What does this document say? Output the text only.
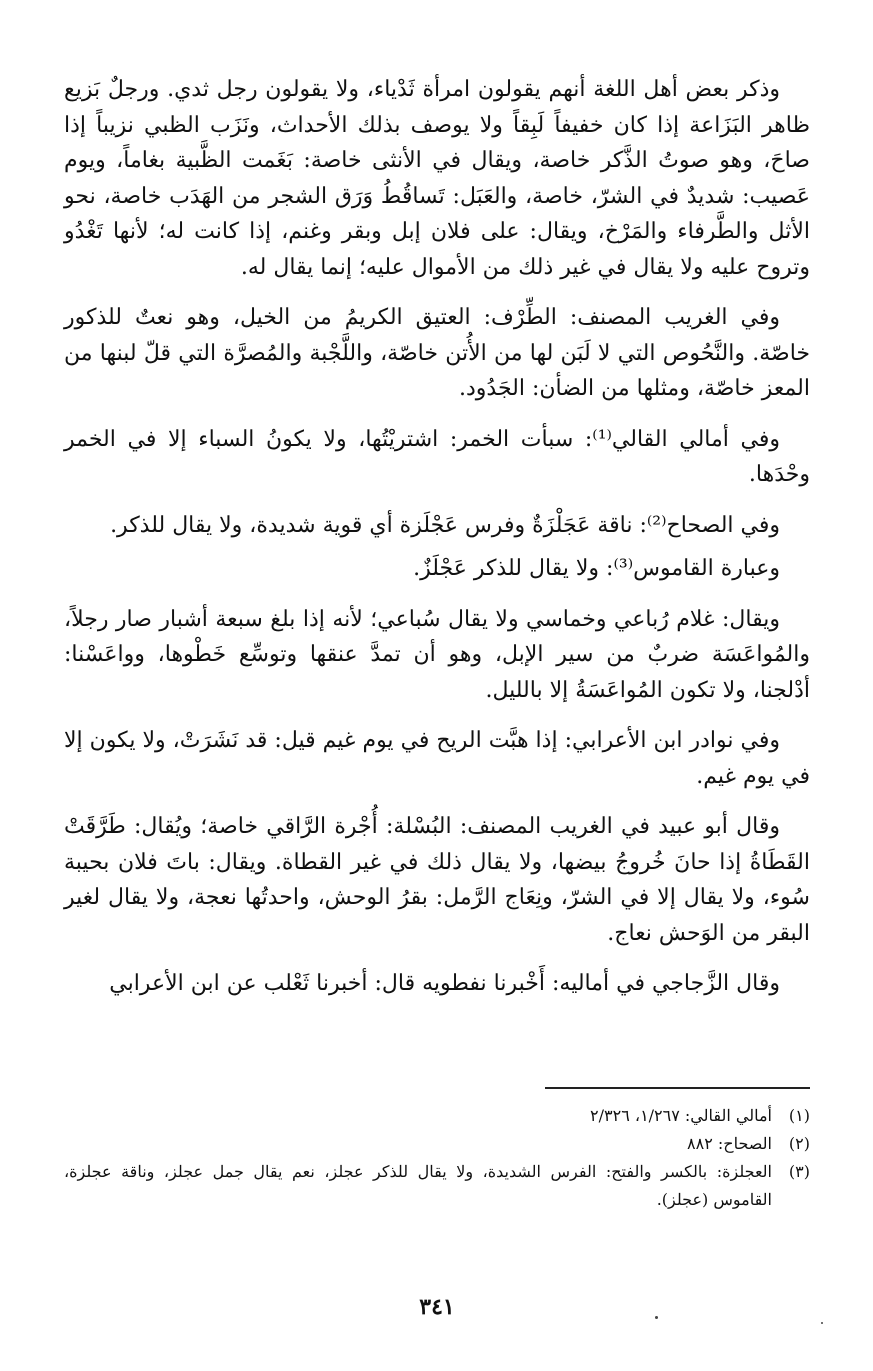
وذكر بعض أهل اللغة أنهم يقولون امرأة ثَدْياء، ولا يقولون رجل ثدي. ورجلٌ بَزيع ظاهر البَزَاعة إذا كان خفيفاً لَبِقاً ولا يوصف بذلك الأحداث، ونَزَب الظبي نزيباً إذا صاحَ، وهو صوتُ الذَّكر خاصة، ويقال في الأنثى خاصة: بَغَمت الظَّبية بغاماً، ويوم عَصيب: شديدٌ في الشرّ، خاصة، والعَبَل: تَساقُطُ وَرَق الشجر من الهَدَب خاصة، نحو الأثل والطَّرفاء والمَرْخ، ويقال: على فلان إبل وبقر وغنم، إذا كانت له؛ لأنها تَغْدُو وتروح عليه ولا يقال في غير ذلك من الأموال عليه؛ إنما يقال له.

وفي الغريب المصنف: الطِّرْف: العتيق الكريمُ من الخيل، وهو نعتٌ للذكور خاصّة. والنَّحُوص التي لا لَبَن لها من الأُتن خاصّة، واللَّجْبة والمُصرَّة التي قلّ لبنها من المعز خاصّة، ومثلها من الضأن: الجَدُود.

وفي أمالي القالي⁽¹⁾: سبأت الخمر: اشتريْتُها، ولا يكونُ السباء إلا في الخمر وحْدَها.

وفي الصحاح⁽²⁾: ناقة عَجَلْزَةٌ وفرس عَجْلَزة أي قوية شديدة، ولا يقال للذكر.

وعبارة القاموس⁽³⁾: ولا يقال للذكر عَجْلَزٌ.

ويقال: غلام رُباعي وخماسي ولا يقال سُباعي؛ لأنه إذا بلغ سبعة أشبار صار رجلاً، والمُواعَسَة ضربٌ من سير الإبل، وهو أن تمدَّ عنقها وتوسِّع خَطْوها، وواعَسْنا: أدْلجنا، ولا تكون المُواعَسَةُ إلا بالليل.

وفي نوادر ابن الأعرابي: إذا هبَّت الريح في يوم غيم قيل: قد نَشَرَتْ، ولا يكون إلا في يوم غيم.

وقال أبو عبيد في الغريب المصنف: البُسْلة: أُجْرة الرَّاقي خاصة؛ ويُقال: طَرَّقَتْ القَطَاةُ إذا حانَ خُروجُ بيضها، ولا يقال ذلك في غير القطاة. ويقال: باتَ فلان بحيبة سُوء، ولا يقال إلا في الشرّ، ونِعَاج الرَّمل: بقرُ الوحش، واحدتُها نعجة، ولا يقال لغير البقر من الوَحش نعاج.

وقال الزَّجاجي في أماليه: أَخْبرنا نفطويه قال: أخبرنا ثَعْلب عن ابن الأعرابي

(١)
أمالي القالي: ١/٢٦٧، ٢/٣٢٦

(٢)
الصحاح: ٨٨٢

(٣)
العجلزة: بالكسر والفتح: الفرس الشديدة، ولا يقال للذكر عجلز، نعم يقال جمل عجلز، وناقة عجلزة، القاموس (عجلز).

٣٤١
